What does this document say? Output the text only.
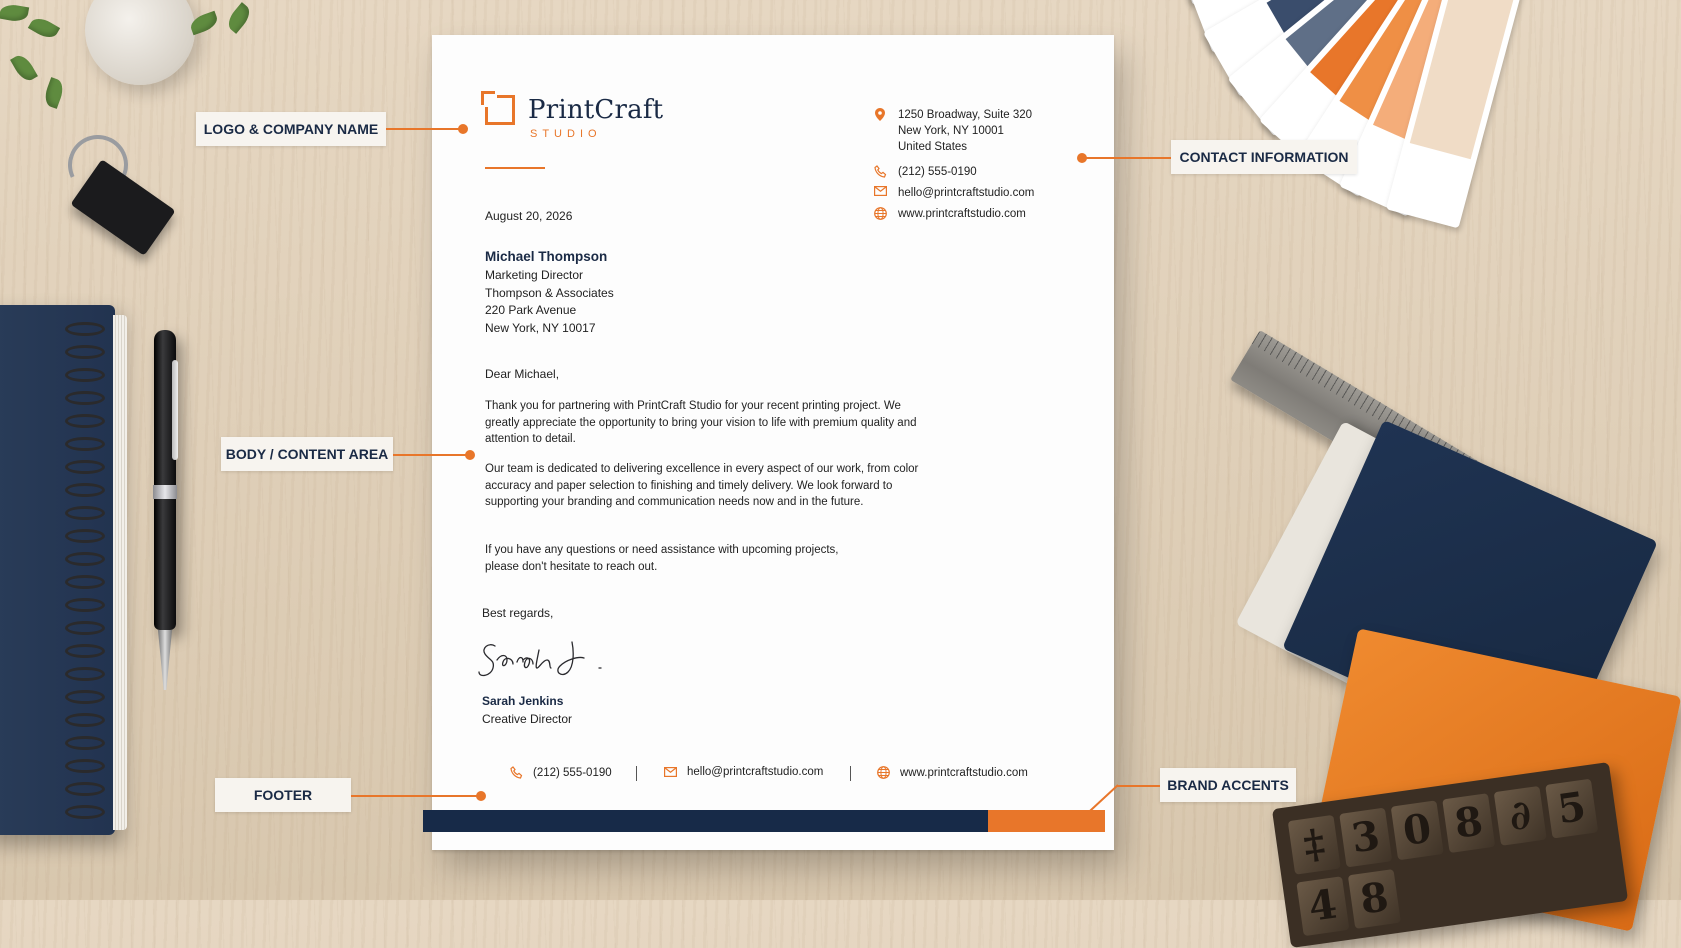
‡ 3 0 8 ∂ 5
4 8
PrintCraft
STUDIO
1250 Broadway, Suite 320
New York, NY 10001
United States
(212) 555-0190
hello@printcraftstudio.com
www.printcraftstudio.com
August 20, 2026
Michael Thompson
Marketing Director
Thompson & Associates
220 Park Avenue
New York, NY 10017
Dear Michael,
Thank you for partnering with PrintCraft Studio for your recent printing project. We greatly appreciate the opportunity to bring your vision to life with premium quality and attention to detail.
Our team is dedicated to delivering excellence in every aspect of our work, from color accuracy and paper selection to finishing and timely delivery. We look forward to supporting your branding and communication needs now and in the future.
If you have any questions or need assistance with upcoming projects, please don't hesitate to reach out.
Best regards,
Sarah Jenkins
Creative Director
(212) 555-0190	hello@printcraftstudio.com	www.printcraftstudio.com
LOGO & COMPANY NAME
CONTACT INFORMATION
BODY / CONTENT AREA
FOOTER
BRAND ACCENTS
